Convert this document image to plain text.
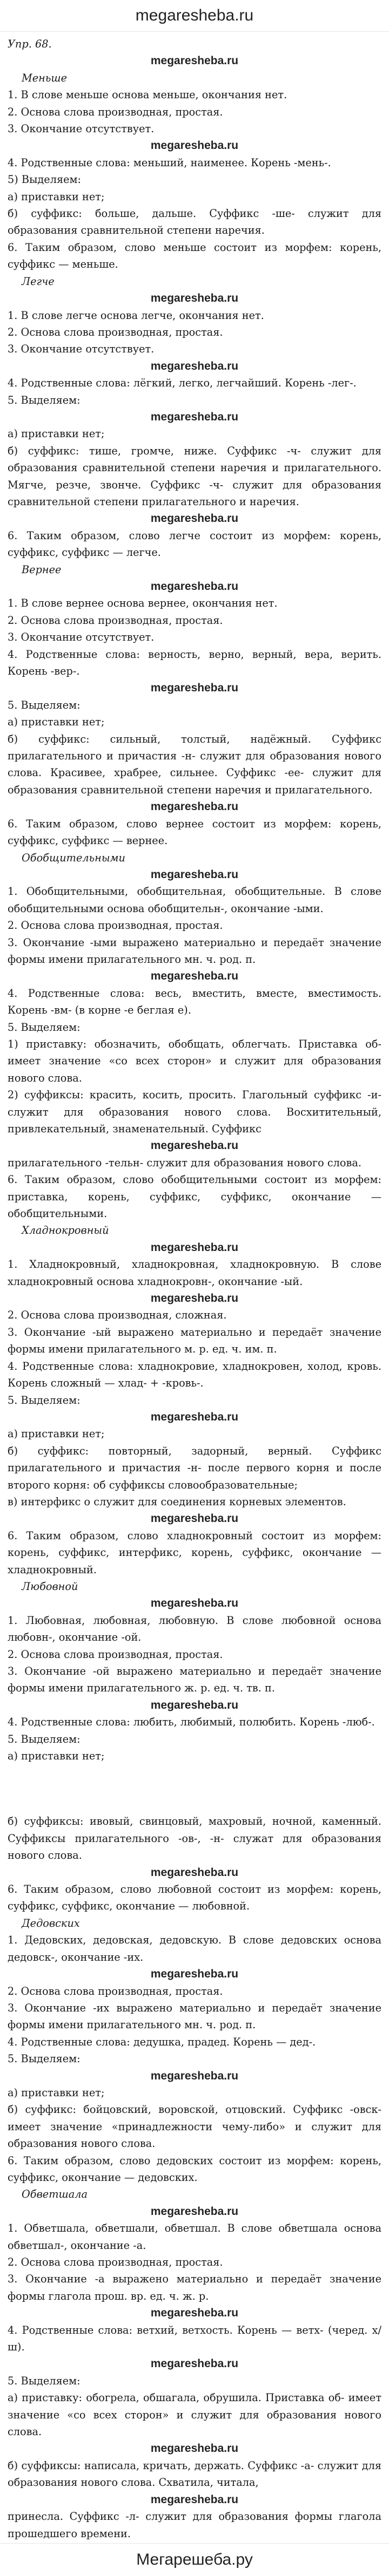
megaresheba.ru

Упр. 68.

megaresheba.ru

Меньше

1. В слове меньше основа меньше, окончания нет.

2. Основа слова производная, простая.

3. Окончание отсутствует.

megaresheba.ru

4. Родственные слова: меньший, наименее. Корень -мень-.

5) Выделяем:

а) приставки нет;

б) суффикс: больше, дальше. Суффикс -ше- служит для образования сравнительной степени наречия.

6. Таким образом, слово меньше состоит из морфем: корень, суффикс — меньше.

Легче

megaresheba.ru

1. В слове легче основа легче, окончания нет.

2. Основа слова производная, простая.

3. Окончание отсутствует.

megaresheba.ru

4. Родственные слова: лёгкий, легко, легчайший. Корень -лег-.

5. Выделяем:

megaresheba.ru

а) приставки нет;

б) суффикс: тише, громче, ниже. Суффикс -ч- служит для образования сравнительной степени наречия и прилагательного. Мягче, резче, звонче. Суффикс -ч- служит для образования сравнительной степени прилагательного и наречия.

megaresheba.ru

6. Таким образом, слово легче состоит из морфем: корень, суффикс, суффикс — легче.

Вернее

megaresheba.ru

1. В слове вернее основа вернее, окончания нет.

2. Основа слова производная, простая.

3. Окончание отсутствует.

4. Родственные слова: верность, верно, верный, вера, верить. Корень -вер-.

megaresheba.ru

5. Выделяем:

а) приставки нет;

б) суффикс: сильный, толстый, надёжный. Суффикс прилагательного и причастия -н- служит для образования нового слова. Красивее, храбрее, сильнее. Суффикс -ее- служит для образования сравнительной степени наречия и прилагательного.

megaresheba.ru

6. Таким образом, слово вернее состоит из морфем: корень, суффикс, суффикс — вернее.

Обобщительными

megaresheba.ru

1. Обобщительными, обобщительная, обобщительные. В слове обобщительными основа обобщительн-, окончание -ыми.

2. Основа слова производная, простая.

3. Окончание -ыми выражено материально и передаёт значение формы имени прилагательного мн. ч. род. п.

megaresheba.ru

4. Родственные слова: весь, вместить, вместе, вместимость. Корень -вм- (в корне -е беглая е).

5. Выделяем:

1) приставку: обозначить, обобщать, облегчать. Приставка об- имеет значение «со всех сторон» и служит для образования нового слова.

2) суффиксы: красить, косить, просить. Глагольный суффикс -и- служит для образования нового слова. Восхитительный, привлекательный, знаменательный. Суффикс

megaresheba.ru

прилагательного -тельн- служит для образования нового слова.

6. Таким образом, слово обобщительными состоит из морфем: приставка, корень, суффикс, суффикс, окончание — обобщительными.

Хладнокровный

megaresheba.ru

1. Хладнокровный, хладнокровная, хладнокровную. В слове хладнокровный основа хладнокровн-, окончание -ый.

megaresheba.ru

2. Основа слова производная, сложная.

3. Окончание -ый выражено материально и передаёт значение формы имени прилагательного м. р. ед. ч. им. п.

4. Родственные слова: хладнокровие, хладнокровен, холод, кровь. Корень сложный — хлад- + -кровь-.

5. Выделяем:

megaresheba.ru

а) приставки нет;

б) суффикс: повторный, задорный, верный. Суффикс прилагательного и причастия -н- после первого корня и после второго корня: об суффиксы словообразовательные;

в) интерфикс о служит для соединения корневых элементов.

megaresheba.ru

6. Таким образом, слово хладнокровный состоит из морфем: корень, суффикс, интерфикс, корень, суффикс, окончание — хладнокровный.

Любовной

megaresheba.ru

1. Любовная, любовная, любовную. В слове любовной основа любовн-, окончание -ой.

2. Основа слова производная, простая.

3. Окончание -ой выражено материально и передаёт значение формы имени прилагательного ж. р. ед. ч. тв. п.

megaresheba.ru

4. Родственные слова: любить, любимый, полюбить. Корень -люб-.

5. Выделяем:

а) приставки нет;

б) суффиксы: ивовый, свинцовый, махровый, ночной, каменный. Суффиксы прилагательного -ов-, -н- служат для образования нового слова.

megaresheba.ru

6. Таким образом, слово любовной состоит из морфем: корень, суффикс, суффикс, окончание — любовной.

Дедовских

1. Дедовских, дедовская, дедовскую. В слове дедовских основа дедовск-, окончание -их.

megaresheba.ru

2. Основа слова производная, простая.

3. Окончание -их выражено материально и передаёт значение формы имени прилагательного мн. ч. род. п.

4. Родственные слова: дедушка, прадед. Корень — дед-.

5. Выделяем:

megaresheba.ru

а) приставки нет;

б) суффикс: бойцовский, воровской, отцовский. Суффикс -овск- имеет значение «принадлежности чему-либо» и служит для образования нового слова.

6. Таким образом, слово дедовских состоит из морфем: корень, суффикс, окончание — дедовских.

Обветшала

megaresheba.ru

1. Обветшала, обветшали, обветшал. В слове обветшала основа обветшал-, окончание -а.

2. Основа слова производная, простая.

3. Окончание -а выражено материально и передаёт значение формы глагола прош. вр. ед. ч. ж. р.

megaresheba.ru

4. Родственные слова: ветхий, ветхость. Корень — ветх- (черед. х/ш).

megaresheba.ru

5. Выделяем:

а) приставку: обогрела, обшагала, обрушила. Приставка об- имеет значение «со всех сторон» и служит для образования нового слова.

megaresheba.ru

б) суффиксы: написала, кричать, держать. Суффикс -а- служит для образования нового слова. Схватила, читала,

megaresheba.ru

принесла. Суффикс -л- служит для образования формы глагола прошедшего времени.

Мегарешеба.ру
